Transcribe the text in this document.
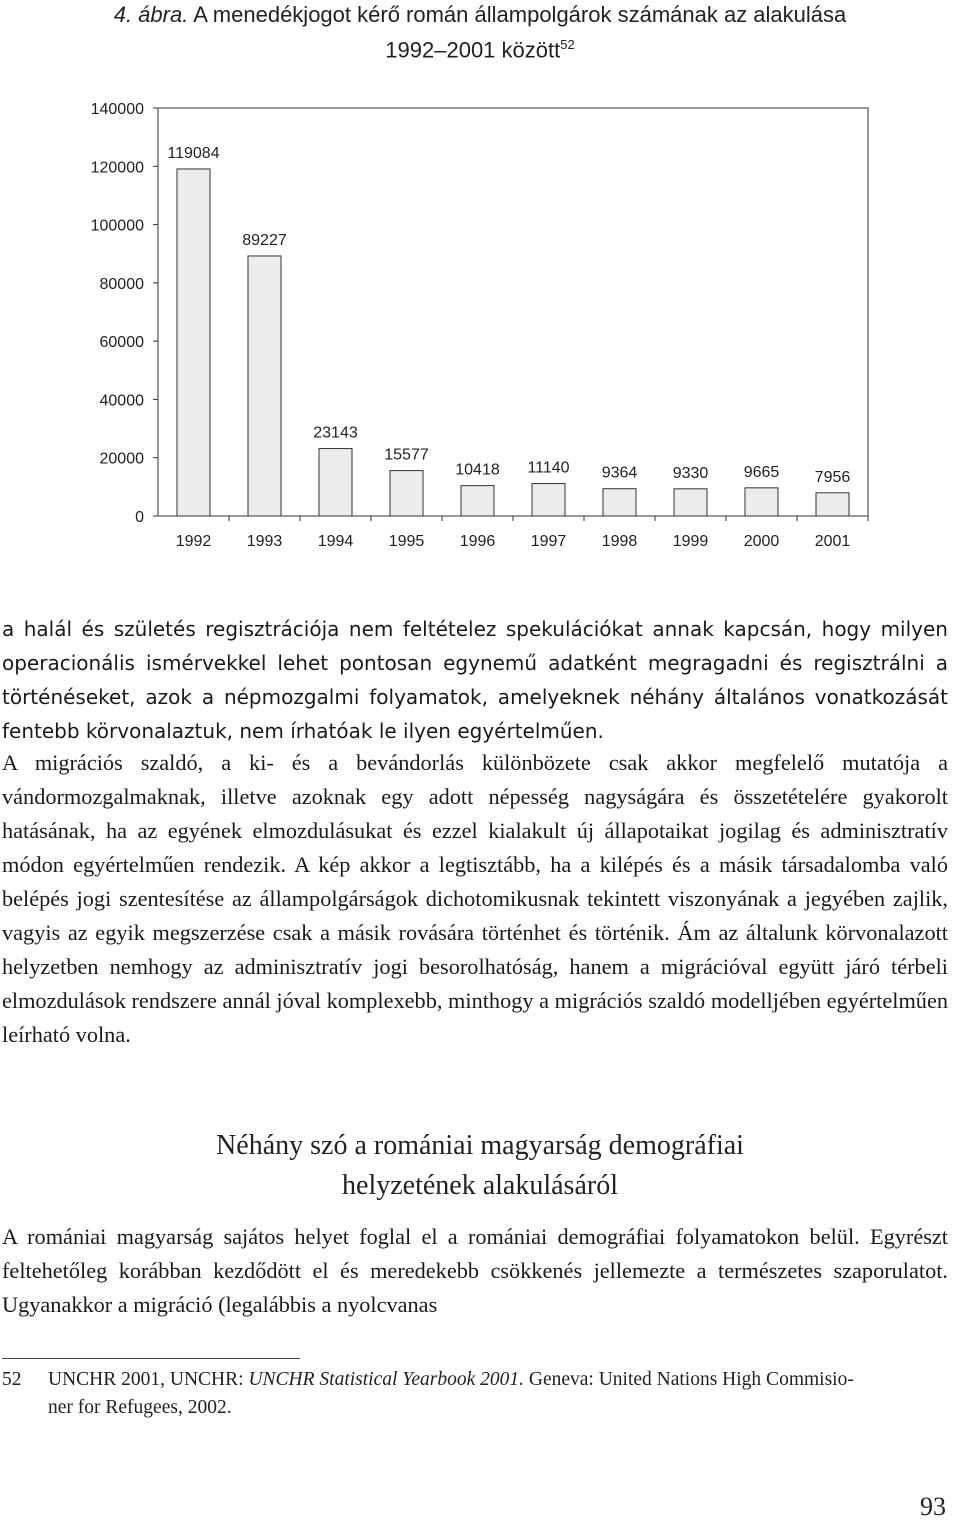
4. ábra. A menedékjogot kérő román állampolgárok számának az alakulása
1992–2001 között$^{52}$
0
20000
40000
60000
80000
100000
120000
140000
119084
1992
89227
1993
23143
1994
15577
1995
10418
1996
11140
1997
9364
1998
9330
1999
9665
2000
7956
2001

a halál és születés regisztrációja nem feltételez spekulációkat annak kapcsán, hogy milyen operacionális ismérvekkel lehet pontosan egynemű adatként megragadni és regisztrálni a történéseket, azok a népmozgalmi folyamatok, amelyeknek néhány általános vonatkozását fentebb körvonalaztuk, nem írhatóak le ilyen egyértelműen.

A migrációs szaldó, a ki- és a bevándorlás különbözete csak akkor megfelelő mutatója a vándormozgalmaknak, illetve azoknak egy adott népesség nagyságára és összetételére gyakorolt hatásának, ha az egyének elmozdulásukat és ezzel kialakult új állapotaikat jogilag és adminisztratív módon egyértelműen rendezik. A kép akkor a legtisztább, ha a kilépés és a másik társadalomba való belépés jogi szentesítése az állampolgárságok dichotomikusnak tekintett viszonyának a jegyében zajlik, vagyis az egyik megszerzése csak a másik rovására történhet és történik. Ám az általunk körvonalazott helyzetben nemhogy az adminisztratív jogi besorolhatóság, hanem a migrációval együtt járó térbeli elmozdulások rendszere annál jóval komplexebb, minthogy a migrációs szaldó modelljében egyértelműen leírható volna.

Néhány szó a romániai magyarság demográfiai
helyzetének alakulásáról

A romániai magyarság sajátos helyet foglal el a romániai demográfiai folyamatokon belül. Egyrészt feltehetőleg korábban kezdődött el és meredekebb csökkenés jellemezte a természetes szaporulatot. Ugyanakkor a migráció (legalábbis a nyolcvanas

52 UNCHR 2001, UNCHR: UNCHR Statistical Yearbook 2001. Geneva: United Nations High Commisio-
ner for Refugees, 2002.
93
